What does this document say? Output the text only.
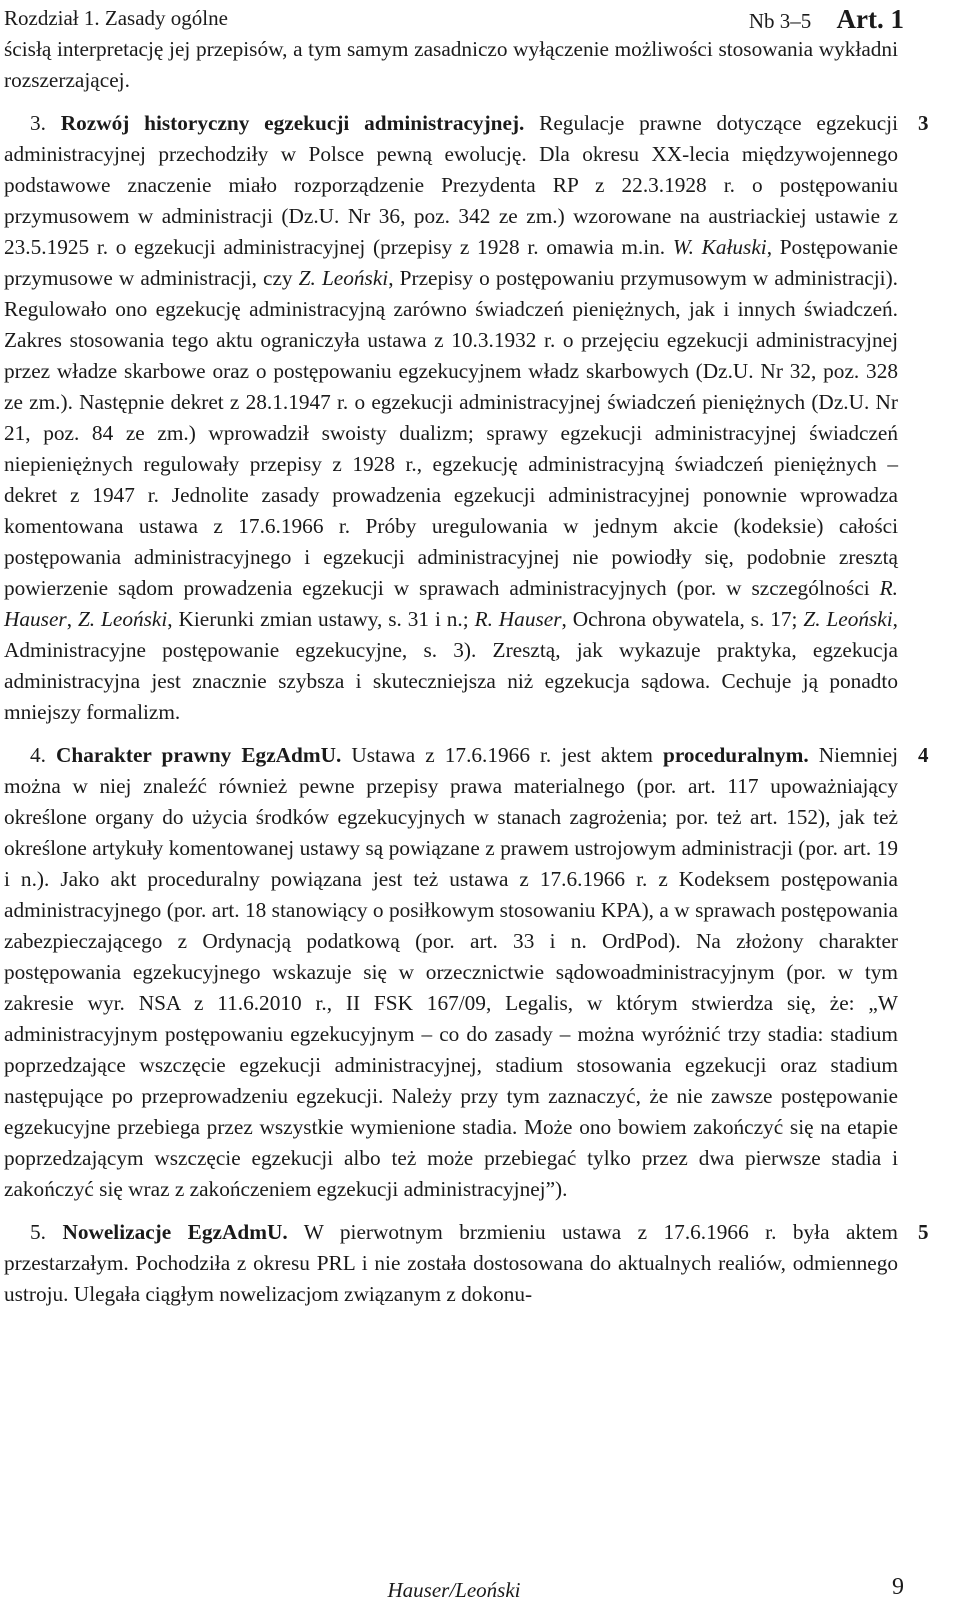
Rozdział 1. Zasady ogólne	Nb 3–5 Art. 1

ścisłą interpretację jej przepisów, a tym samym zasadniczo wyłączenie możliwości stosowania wykładni rozszerzającej.

3
3. Rozwój historyczny egzekucji administracyjnej. Regulacje prawne dotyczące egzekucji administracyjnej przechodziły w Polsce pewną ewolucję. Dla okresu XX-lecia międzywojennego podstawowe znaczenie miało rozporządzenie Prezydenta RP z 22.3.1928 r. o postępowaniu przymusowem w administracji (Dz.U. Nr 36, poz. 342 ze zm.) wzorowane na austriackiej ustawie z 23.5.1925 r. o egzekucji administracyjnej (przepisy z 1928 r. omawia m.in. W. Kałuski, Postępowanie przymusowe w administracji, czy Z. Leoński, Przepisy o postępowaniu przymusowym w administracji). Regulowało ono egzekucję administracyjną zarówno świadczeń pieniężnych, jak i innych świadczeń. Zakres stosowania tego aktu ograniczyła ustawa z 10.3.1932 r. o przejęciu egzekucji administracyjnej przez władze skarbowe oraz o postępowaniu egzekucyjnem władz skarbowych (Dz.U. Nr 32, poz. 328 ze zm.). Następnie dekret z 28.1.1947 r. o egzekucji administracyjnej świadczeń pieniężnych (Dz.U. Nr 21, poz. 84 ze zm.) wprowadził swoisty dualizm; sprawy egzekucji administracyjnej świadczeń niepieniężnych regulowały przepisy z 1928 r., egzekucję administracyjną świadczeń pieniężnych – dekret z 1947 r. Jednolite zasady prowadzenia egzekucji administracyjnej ponownie wprowadza komentowana ustawa z 17.6.1966 r. Próby uregulowania w jednym akcie (kodeksie) całości postępowania administracyjnego i egzekucji administracyjnej nie powiodły się, podobnie zresztą powierzenie sądom prowadzenia egzekucji w sprawach administracyjnych (por. w szczególności R. Hauser, Z. Leoński, Kierunki zmian ustawy, s. 31 i n.; R. Hauser, Ochrona obywatela, s. 17; Z. Leoński, Administracyjne postępowanie egzekucyjne, s. 3). Zresztą, jak wykazuje praktyka, egzekucja administracyjna jest znacznie szybsza i skuteczniejsza niż egzekucja sądowa. Cechuje ją ponadto mniejszy formalizm.

4
4. Charakter prawny EgzAdmU. Ustawa z 17.6.1966 r. jest aktem proceduralnym. Niemniej można w niej znaleźć również pewne przepisy prawa materialnego (por. art. 117 upoważniający określone organy do użycia środków egzekucyjnych w stanach zagrożenia; por. też art. 152), jak też określone artykuły komentowanej ustawy są powiązane z prawem ustrojowym administracji (por. art. 19 i n.). Jako akt proceduralny powiązana jest też ustawa z 17.6.1966 r. z Kodeksem postępowania administracyjnego (por. art. 18 stanowiący o posiłkowym stosowaniu KPA), a w sprawach postępowania zabezpieczającego z Ordynacją podatkową (por. art. 33 i n. OrdPod). Na złożony charakter postępowania egzekucyjnego wskazuje się w orzecznictwie sądowoadministracyjnym (por. w tym zakresie wyr. NSA z 11.6.2010 r., II FSK 167/09, Legalis, w którym stwierdza się, że: „W administracyjnym postępowaniu egzekucyjnym – co do zasady – można wyróżnić trzy stadia: stadium poprzedzające wszczęcie egzekucji administracyjnej, stadium stosowania egzekucji oraz stadium następujące po przeprowadzeniu egzekucji. Należy przy tym zaznaczyć, że nie zawsze postępowanie egzekucyjne przebiega przez wszystkie wymienione stadia. Może ono bowiem zakończyć się na etapie poprzedzającym wszczęcie egzekucji albo też może przebiegać tylko przez dwa pierwsze stadia i zakończyć się wraz z zakończeniem egzekucji administracyjnej”).

5
5. Nowelizacje EgzAdmU. W pierwotnym brzmieniu ustawa z 17.6.1966 r. była aktem przestarzałym. Pochodziła z okresu PRL i nie została dostosowana do aktualnych realiów, odmiennego ustroju. Ulegała ciągłym nowelizacjom związanym z dokonu-

Hauser/Leoński	9
